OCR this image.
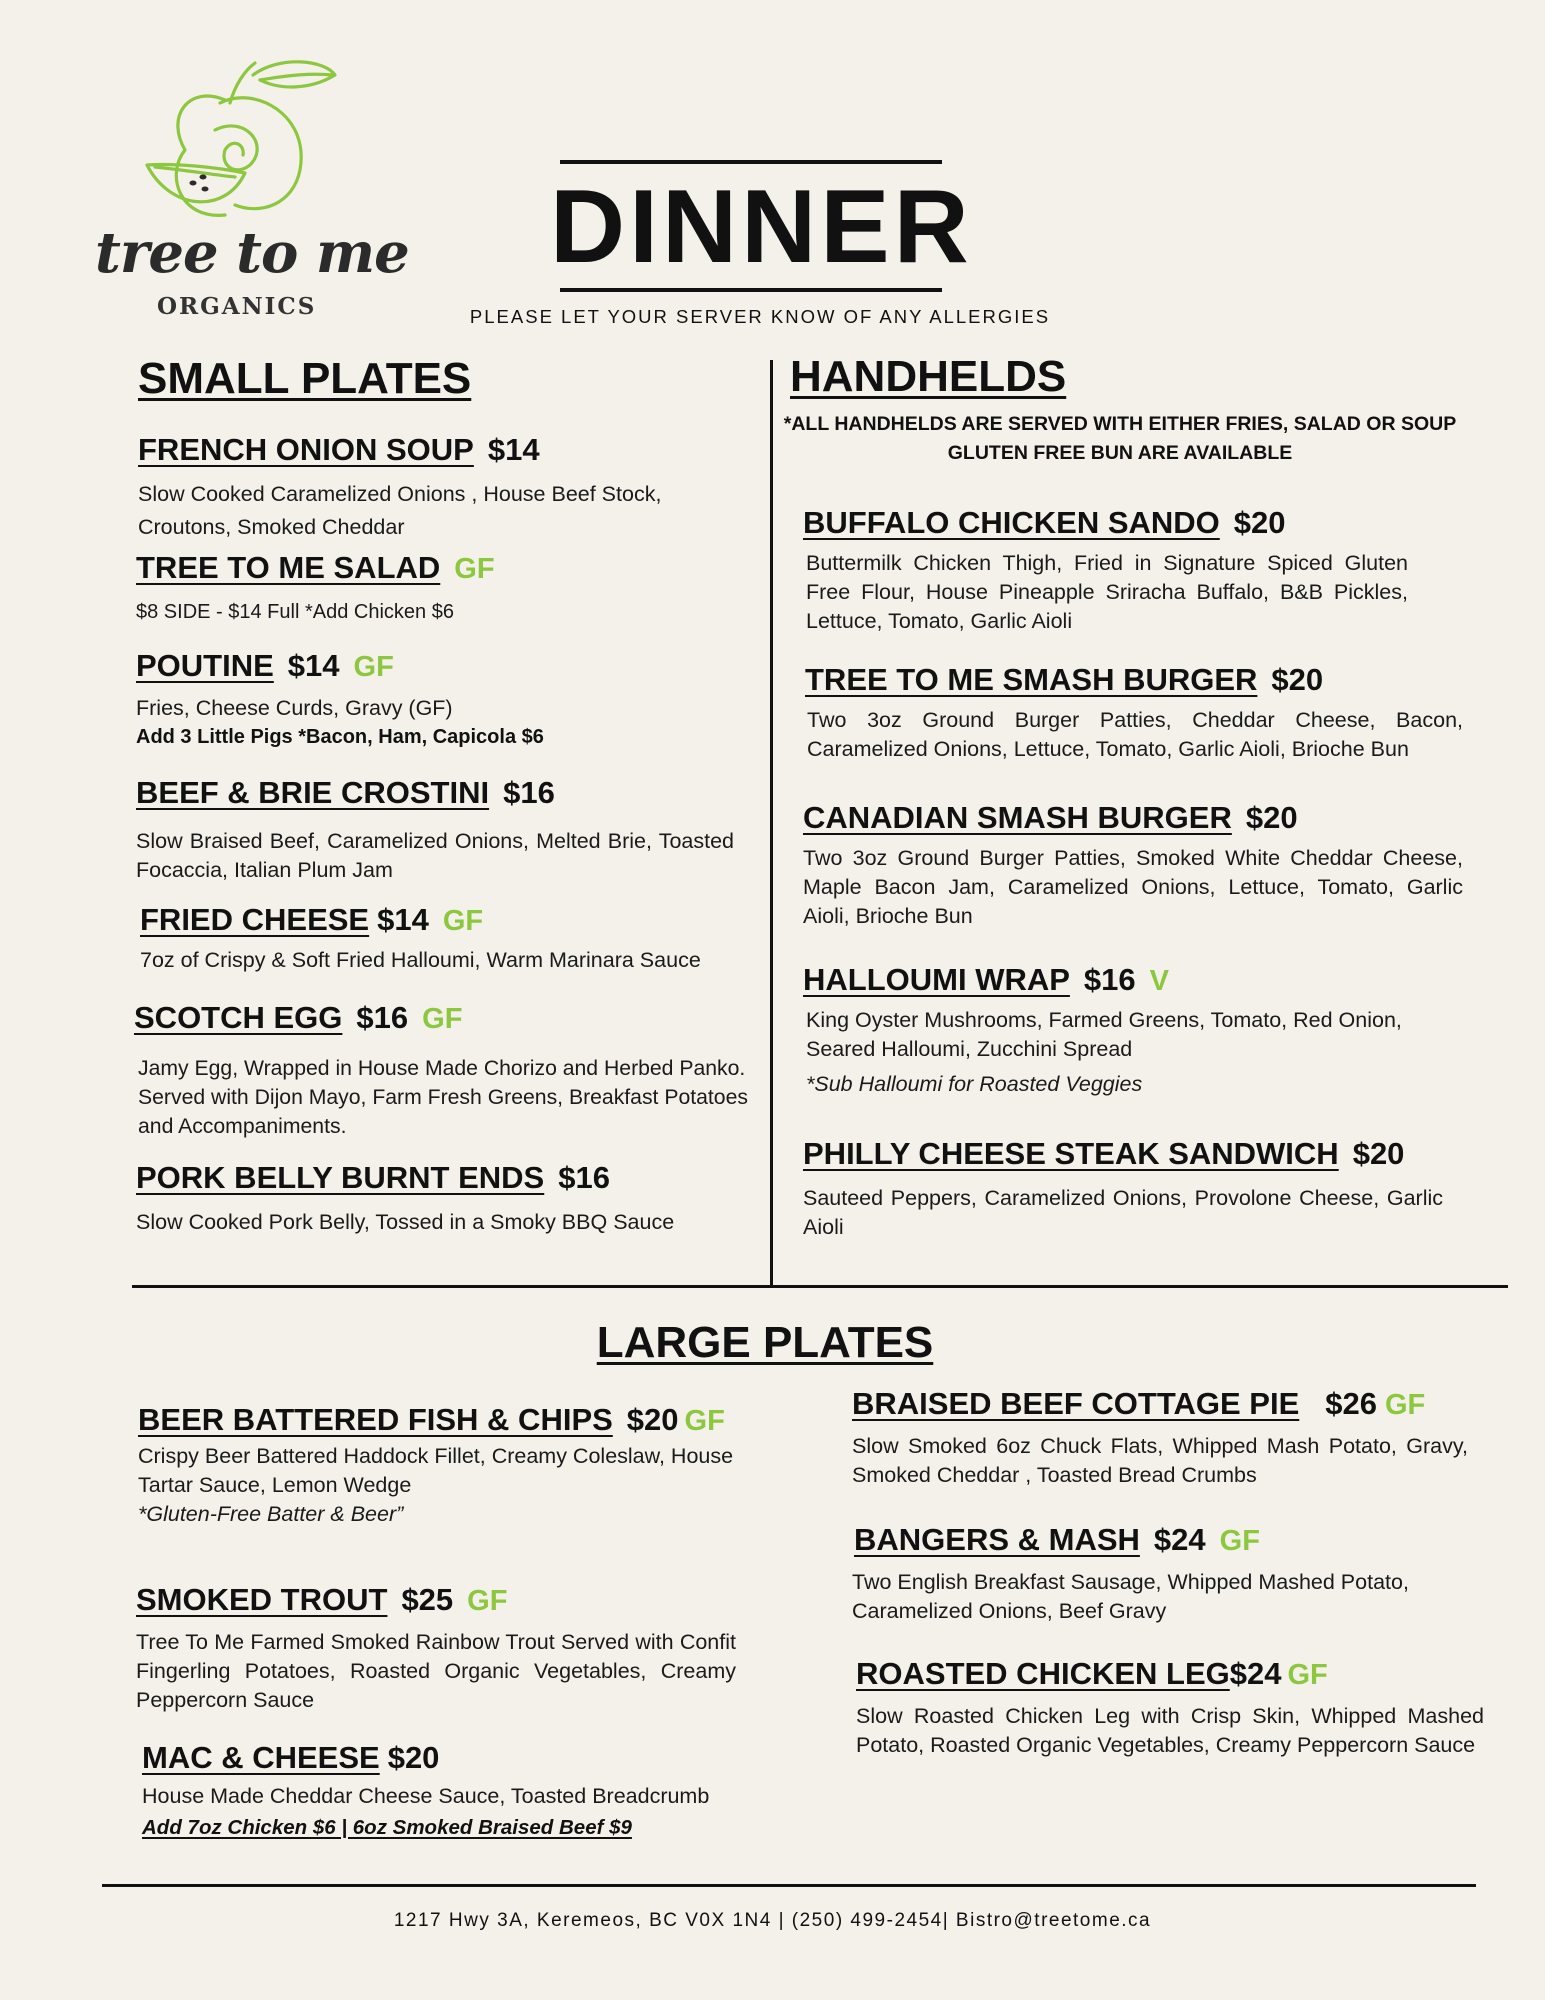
tree to me
ORGANICS
DINNER
PLEASE LET YOUR SERVER KNOW OF ANY ALLERGIES
SMALL PLATES
FRENCH ONION SOUP $14
Slow Cooked Caramelized Onions , House Beef Stock, Croutons, Smoked Cheddar
TREE TO ME SALAD GF
$8 SIDE - $14 Full *Add Chicken $6
POUTINE $14 GF
Fries, Cheese Curds, Gravy (GF)
Add 3 Little Pigs *Bacon, Ham, Capicola $6
BEEF & BRIE CROSTINI $16
Slow Braised Beef, Caramelized Onions, Melted Brie, Toasted Focaccia, Italian Plum Jam
FRIED CHEESE $14 GF
7oz of Crispy & Soft Fried Halloumi, Warm Marinara Sauce
SCOTCH EGG $16 GF
Jamy Egg, Wrapped in House Made Chorizo and Herbed Panko. Served with Dijon Mayo, Farm Fresh Greens, Breakfast Potatoes and Accompaniments.
PORK BELLY BURNT ENDS $16
Slow Cooked Pork Belly, Tossed in a Smoky BBQ Sauce
HANDHELDS
*ALL HANDHELDS ARE SERVED WITH EITHER FRIES, SALAD OR SOUP
GLUTEN FREE BUN ARE AVAILABLE
BUFFALO CHICKEN SANDO $20
Buttermilk Chicken Thigh, Fried in Signature Spiced Gluten Free Flour, House Pineapple Sriracha Buffalo, B&B Pickles, Lettuce, Tomato, Garlic Aioli
TREE TO ME SMASH BURGER $20
Two 3oz Ground Burger Patties, Cheddar Cheese, Bacon, Caramelized Onions, Lettuce, Tomato, Garlic Aioli, Brioche Bun
CANADIAN SMASH BURGER $20
Two 3oz Ground Burger Patties, Smoked White Cheddar Cheese, Maple Bacon Jam, Caramelized Onions, Lettuce, Tomato, Garlic Aioli, Brioche Bun
HALLOUMI WRAP $16 V
King Oyster Mushrooms, Farmed Greens, Tomato, Red Onion, Seared Halloumi, Zucchini Spread
*Sub Halloumi for Roasted Veggies
PHILLY CHEESE STEAK SANDWICH $20
Sauteed Peppers, Caramelized Onions, Provolone Cheese, Garlic Aioli
LARGE PLATES
BEER BATTERED FISH & CHIPS $20 GF
Crispy Beer Battered Haddock Fillet, Creamy Coleslaw, House Tartar Sauce, Lemon Wedge
*Gluten-Free Batter & Beer”
SMOKED TROUT $25 GF
Tree To Me Farmed Smoked Rainbow Trout Served with Confit Fingerling Potatoes, Roasted Organic Vegetables, Creamy Peppercorn Sauce
MAC & CHEESE $20
House Made Cheddar Cheese Sauce, Toasted Breadcrumb
Add 7oz Chicken $6 | 6oz Smoked Braised Beef $9
BRAISED BEEF COTTAGE PIE $26 GF
Slow Smoked 6oz Chuck Flats, Whipped Mash Potato, Gravy, Smoked Cheddar , Toasted Bread Crumbs
BANGERS & MASH $24 GF
Two English Breakfast Sausage, Whipped Mashed Potato, Caramelized Onions, Beef Gravy
ROASTED CHICKEN LEG$24 GF
Slow Roasted Chicken Leg with Crisp Skin, Whipped Mashed Potato, Roasted Organic Vegetables, Creamy Peppercorn Sauce
1217 Hwy 3A, Keremeos, BC V0X 1N4 | (250) 499-2454| Bistro@treetome.ca
